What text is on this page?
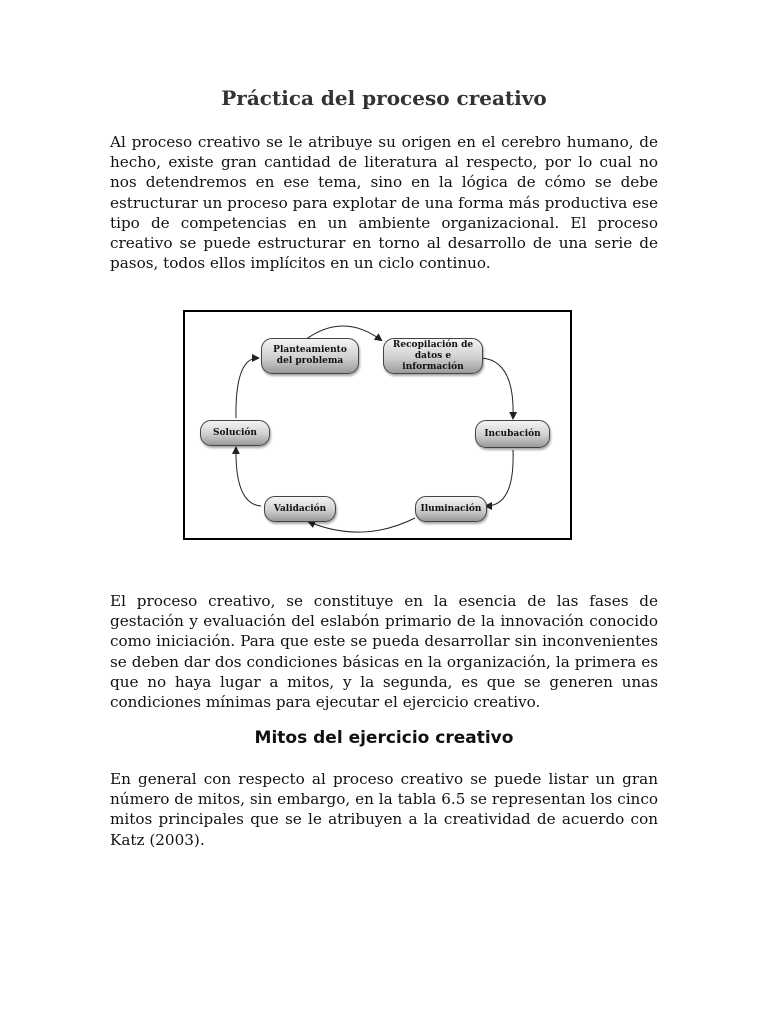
Práctica del proceso creativo

Al proceso creativo se le atribuye su origen en el cerebro humano, de hecho, existe gran cantidad de literatura al respecto, por lo cual no nos detendremos en ese tema, sino en la lógica de cómo se debe estructurar un proceso para explotar de una forma más productiva ese tipo de competencias en un ambiente organizacional. El proceso creativo se puede estructurar en torno al desarrollo de una serie de pasos, todos ellos implícitos en un ciclo continuo.

Planteamiento del problema
Recopilación de datos e información
Incubación
Iluminación
Validación
Solución

El proceso creativo, se constituye en la esencia de las fases de gestación y evaluación del eslabón primario de la innovación conocido como iniciación. Para que este se pueda desarrollar sin inconvenientes se deben dar dos condiciones básicas en la organización, la primera es que no haya lugar a mitos, y la segunda, es que se generen unas condiciones mínimas para ejecutar el ejercicio creativo.

Mitos del ejercicio creativo

En general con respecto al proceso creativo se puede listar un gran número de mitos, sin embargo, en la tabla 6.5 se representan los cinco mitos principales que se le atribuyen a la creatividad de acuerdo con Katz (2003).
